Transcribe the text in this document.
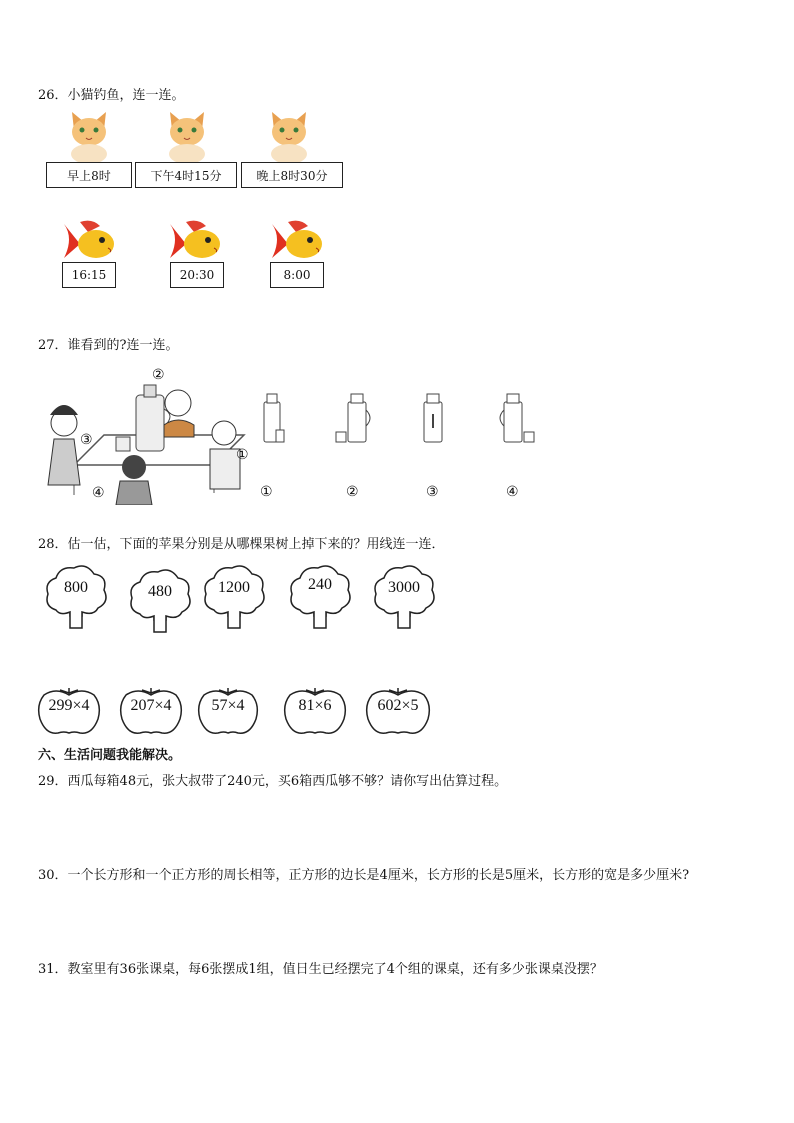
26．小猫钓鱼，连一连。
早上8时	下午4时15分	晚上8时30分
16:15	20:30	8:00
27．谁看到的?连一连。
②
③
①
④	①	②	③	④
28．估一估，下面的苹果分别是从哪棵果树上掉下来的？用线连一连．
800	480	1200	240	3000
299×4	207×4	57×4	81×6	602×5
六、生活问题我能解决。
29．西瓜每箱48元，张大叔带了240元，买6箱西瓜够不够？请你写出估算过程。
30．一个长方形和一个正方形的周长相等，正方形的边长是4厘米，长方形的长是5厘米，长方形的宽是多少厘米?
31．教室里有36张课桌，每6张摆成1组，值日生已经摆完了4个组的课桌，还有多少张课桌没摆？
